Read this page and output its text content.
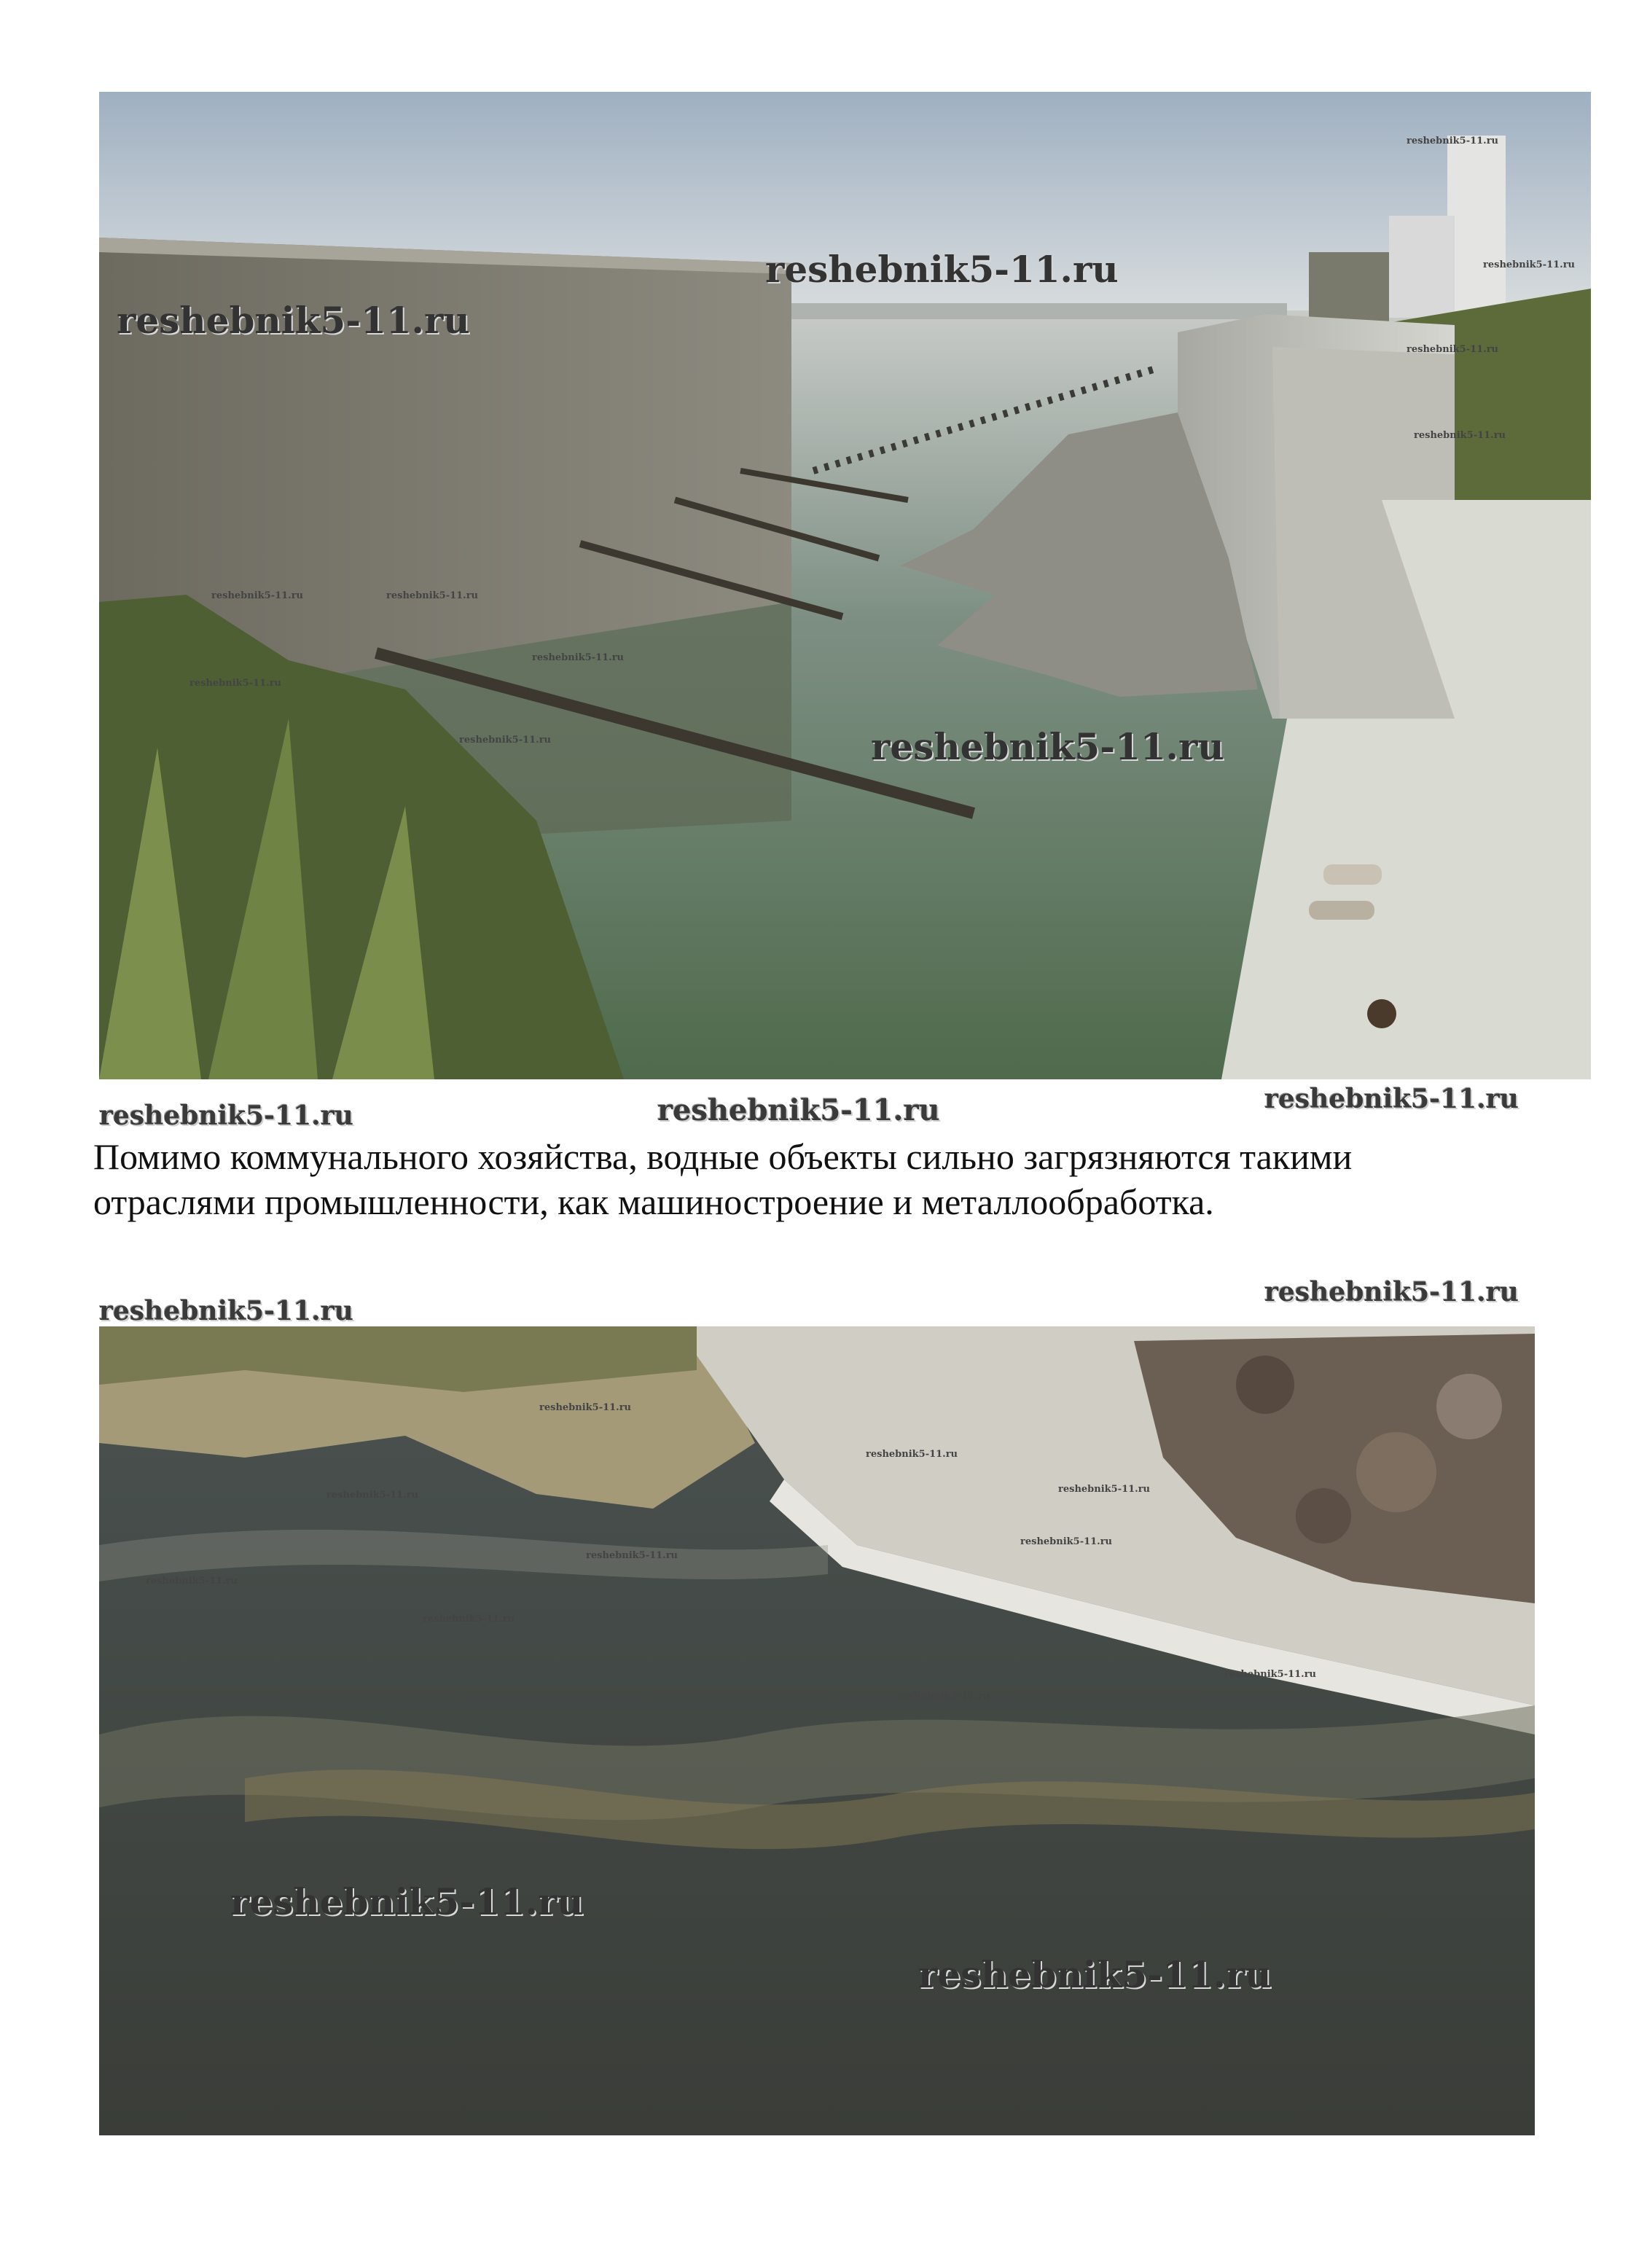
reshebnik5-11.ru
reshebnik5-11.ru
reshebnik5-11.ru
reshebnik5-11.ru
reshebnik5-11.ru
reshebnik5-11.ru
reshebnik5-11.ru
reshebnik5-11.ru	reshebnik5-11.ru
reshebnik5-11.ru
reshebnik5-11.ru
reshebnik5-11.ru
reshebnik5-11.ru	reshebnik5-11.ru	reshebnik5-11.ru

Помимо коммунального хозяйства, водные объекты сильно загрязняются такими отраслями промышленности, как машиностроение и металлообработка.

reshebnik5-11.ru
reshebnik5-11.ru
reshebnik5-11.ru
reshebnik5-11.ru
reshebnik5-11.ru
reshebnik5-11.ru
reshebnik5-11.ru
reshebnik5-11.ru
reshebnik5-11.ru
reshebnik5-11.ru
reshebnik5-11.ru
reshebnik5-11.ru
reshebnik5-11.ru
reshebnik5-11.ru
